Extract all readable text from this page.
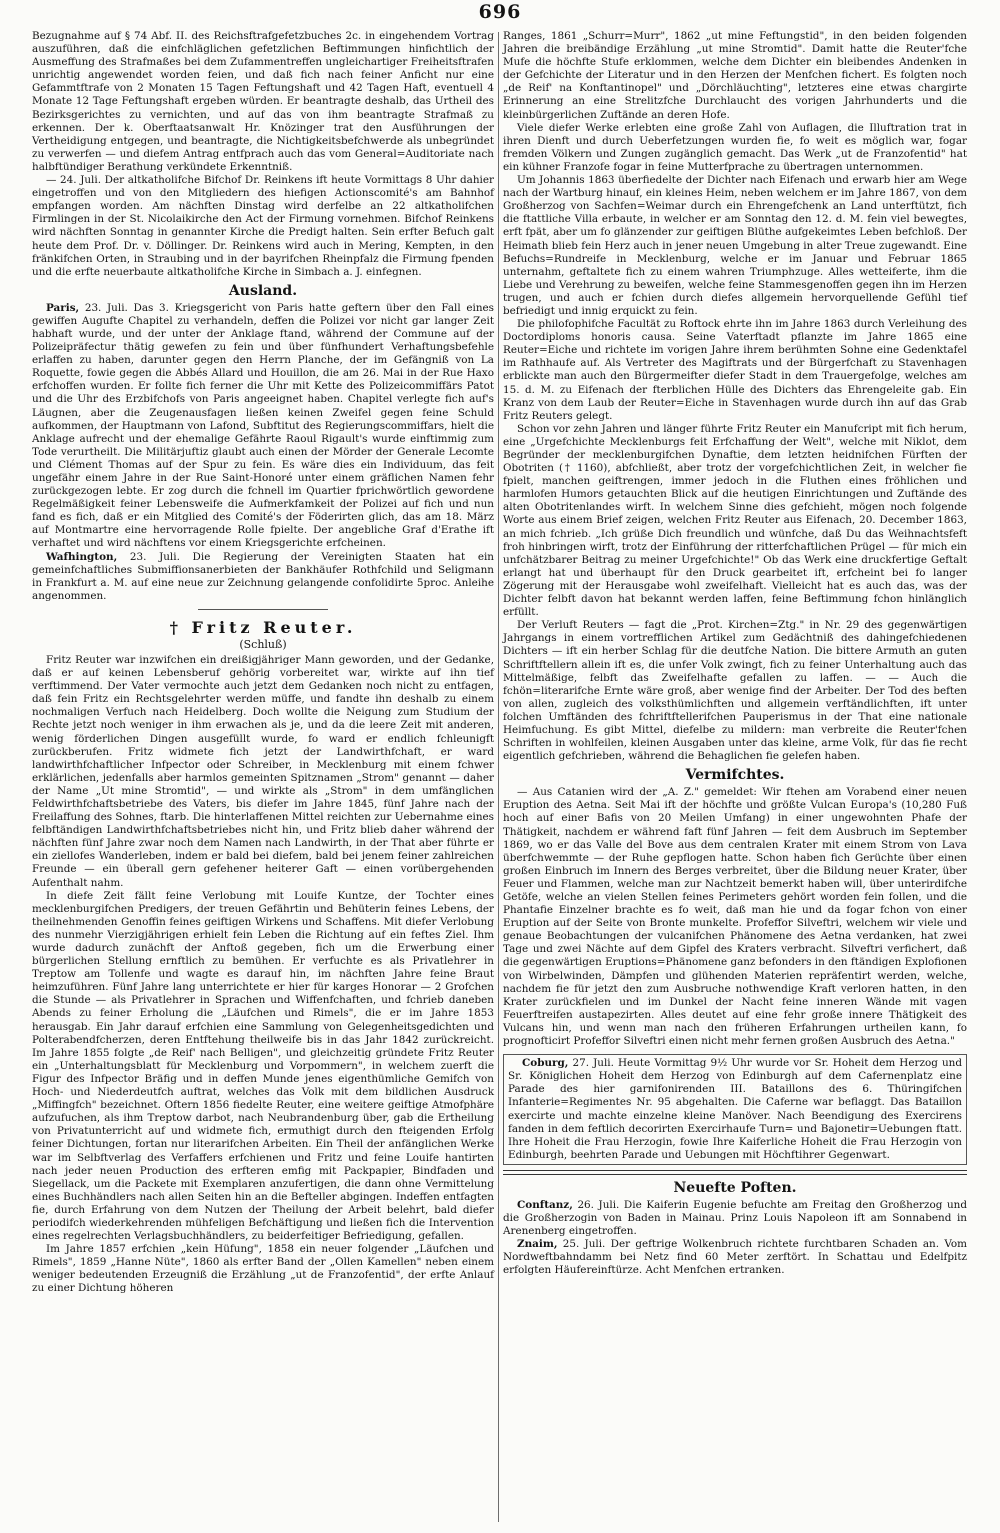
696

Bezugnahme auf § 74 Abf. II. des Reichsftrafgefetzbuches 2c. in eingehendem Vortrag auszuführen, daß die einfchläglichen gefetzlichen Beftimmungen hinfichtlich der Ausmeffung des Strafmaßes bei dem Zufammentreffen ungleichartiger Freiheitsftrafen unrichtig angewendet worden feien, und daß fich nach feiner Anficht nur eine Gefammtftrafe von 2 Monaten 15 Tagen Feftungshaft und 42 Tagen Haft, eventuell 4 Monate 12 Tage Feftungshaft ergeben würden. Er beantragte deshalb, das Urtheil des Bezirksgerichtes zu vernichten, und auf das von ihm beantragte Strafmaß zu erkennen. Der k. Oberftaatsanwalt Hr. Knözinger trat den Ausführungen der Vertheidigung entgegen, und beantragte, die Nichtigkeitsbefchwerde als unbegründet zu verwerfen — und diefem Antrag entfprach auch das vom General=Auditoriate nach halbftündiger Berathung verkündete Erkenntniß.

— 24. Juli. Der altkatholifche Bifchof Dr. Reinkens ift heute Vormittags 8 Uhr dahier eingetroffen und von den Mitgliedern des hiefigen Actionscomité's am Bahnhof empfangen worden. Am nächften Dinstag wird derfelbe an 22 altkatholifchen Firmlingen in der St. Nicolaikirche den Act der Firmung vornehmen. Bifchof Reinkens wird nächften Sonntag in genannter Kirche die Predigt halten. Sein erfter Befuch galt heute dem Prof. Dr. v. Döllinger. Dr. Reinkens wird auch in Mering, Kempten, in den fränkifchen Orten, in Straubing und in der bayrifchen Rheinpfalz die Firmung fpenden und die erfte neuerbaute altkatholifche Kirche in Simbach a. J. einfegnen.

Ausland.

Paris, 23. Juli. Das 3. Kriegsgericht von Paris hatte geftern über den Fall eines gewiffen Augufte Chapitel zu verhandeln, deffen die Polizei vor nicht gar langer Zeit habhaft wurde, und der unter der Anklage ftand, während der Commune auf der Polizeipräfectur thätig gewefen zu fein und über fünfhundert Verhaftungsbefehle erlaffen zu haben, darunter gegen den Herrn Planche, der im Gefängniß von La Roquette, fowie gegen die Abbés Allard und Houillon, die am 26. Mai in der Rue Haxo erfchoffen wurden. Er follte fich ferner die Uhr mit Kette des Polizeicommiffärs Patot und die Uhr des Erzbifchofs von Paris angeeignet haben. Chapitel verlegte fich auf's Läugnen, aber die Zeugenausfagen ließen keinen Zweifel gegen feine Schuld aufkommen, der Hauptmann von Lafond, Subftitut des Regierungscommiffars, hielt die Anklage aufrecht und der ehemalige Gefährte Raoul Rigault's wurde einftimmig zum Tode verurtheilt. Die Militärjuftiz glaubt auch einen der Mörder der Generale Lecomte und Clément Thomas auf der Spur zu fein. Es wäre dies ein Individuum, das feit ungefähr einem Jahre in der Rue Saint-Honoré unter einem gräflichen Namen fehr zurückgezogen lebte. Er zog durch die fchnell im Quartier fprichwörtlich gewordene Regelmäßigkeit feiner Lebensweife die Aufmerkfamkeit der Polizei auf fich und nun fand es fich, daß er ein Mitglied des Comité's der Föderirten glich, das am 18. März auf Montmartre eine hervorragende Rolle fpielte. Der angebliche Graf d'Erathe ift verhaftet und wird nächftens vor einem Kriegsgerichte erfcheinen.

Wafhington, 23. Juli. Die Regierung der Vereinigten Staaten hat ein gemeinfchaftliches Submiffionsanerbieten der Bankhäufer Rothfchild und Seligmann in Frankfurt a. M. auf eine neue zur Zeichnung gelangende confolidirte 5proc. Anleihe angenommen.

† Fritz Reuter.
(Schluß)

Fritz Reuter war inzwifchen ein dreißigjähriger Mann geworden, und der Gedanke, daß er auf keinen Lebensberuf gehörig vorbereitet war, wirkte auf ihn tief verftimmend. Der Vater vermochte auch jetzt dem Gedanken noch nicht zu entfagen, daß fein Fritz ein Rechtsgelehrter werden müffe, und fandte ihn deshalb zu einem nochmaligen Verfuch nach Heidelberg. Doch wollte die Neigung zum Studium der Rechte jetzt noch weniger in ihm erwachen als je, und da die leere Zeit mit anderen, wenig förderlichen Dingen ausgefüllt wurde, fo ward er endlich fchleunigft zurückberufen. Fritz widmete fich jetzt der Landwirthfchaft, er ward landwirthfchaftlicher Infpector oder Schreiber, in Mecklenburg mit einem fchwer erklärlichen, jedenfalls aber harmlos gemeinten Spitznamen „Strom" genannt — daher der Name „Ut mine Stromtid", — und wirkte als „Strom" in dem umfänglichen Feldwirthfchaftsbetriebe des Vaters, bis diefer im Jahre 1845, fünf Jahre nach der Freilaffung des Sohnes, ftarb. Die hinterlaffenen Mittel reichten zur Uebernahme eines felbftändigen Landwirthfchaftsbetriebes nicht hin, und Fritz blieb daher während der nächften fünf Jahre zwar noch dem Namen nach Landwirth, in der That aber führte er ein ziellofes Wanderleben, indem er bald bei diefem, bald bei jenem feiner zahlreichen Freunde — ein überall gern gefehener heiterer Gaft — einen vorübergehenden Aufenthalt nahm.

In diefe Zeit fällt feine Verlobung mit Louife Kuntze, der Tochter eines mecklenburgifchen Predigers, der treuen Gefährtin und Behüterin feines Lebens, der theilnehmenden Genoffin feines geiftigen Wirkens und Schaffens. Mit diefer Verlobung des nunmehr Vierzigjährigen erhielt fein Leben die Richtung auf ein feftes Ziel. Ihm wurde dadurch zunächft der Anftoß gegeben, fich um die Erwerbung einer bürgerlichen Stellung ernftlich zu bemühen. Er verfuchte es als Privatlehrer in Treptow am Tollenfe und wagte es darauf hin, im nächften Jahre feine Braut heimzuführen. Fünf Jahre lang unterrichtete er hier für karges Honorar — 2 Grofchen die Stunde — als Privatlehrer in Sprachen und Wiffenfchaften, und fchrieb daneben Abends zu feiner Erholung die „Läufchen und Rimels", die er im Jahre 1853 herausgab. Ein Jahr darauf erfchien eine Sammlung von Gelegenheitsgedichten und Polterabendfcherzen, deren Entftehung theilweife bis in das Jahr 1842 zurückreicht. Im Jahre 1855 folgte „de Reif' nach Belligen", und gleichzeitig gründete Fritz Reuter ein „Unterhaltungsblatt für Mecklenburg und Vorpommern", in welchem zuerft die Figur des Infpector Bräfig und in deffen Munde jenes eigenthümliche Gemifch von Hoch- und Niederdeutfch auftrat, welches das Volk mit dem bildlichen Ausdruck „Miffingfch" bezeichnet. Oftern 1856 fiedelte Reuter, eine weitere geiftige Atmofphäre aufzufuchen, als ihm Treptow darbot, nach Neubrandenburg über, gab die Ertheilung von Privatunterricht auf und widmete fich, ermuthigt durch den fteigenden Erfolg feiner Dichtungen, fortan nur literarifchen Arbeiten. Ein Theil der anfänglichen Werke war im Selbftverlag des Verfaffers erfchienen und Fritz und feine Louife hantirten nach jeder neuen Production des erfteren emfig mit Packpapier, Bindfaden und Siegellack, um die Packete mit Exemplaren anzufertigen, die dann ohne Vermittelung eines Buchhändlers nach allen Seiten hin an die Befteller abgingen. Indeffen entfagten fie, durch Erfahrung von dem Nutzen der Theilung der Arbeit belehrt, bald diefer periodifch wiederkehrenden mühfeligen Befchäftigung und ließen fich die Intervention eines regelrechten Verlagsbuchhändlers, zu beiderfeitiger Befriedigung, gefallen.

Im Jahre 1857 erfchien „kein Hüfung", 1858 ein neuer folgender „Läufchen und Rimels", 1859 „Hanne Nüte", 1860 als erfter Band der „Ollen Kamellen" neben einem weniger bedeutenden Erzeugniß die Erzählung „ut de Franzofentid", der erfte Anlauf zu einer Dichtung höheren

Ranges, 1861 „Schurr=Murr", 1862 „ut mine Feftungstid", in den beiden folgenden Jahren die breibändige Erzählung „ut mine Stromtid". Damit hatte die Reuter'fche Mufe die höchfte Stufe erklommen, welche dem Dichter ein bleibendes Andenken in der Gefchichte der Literatur und in den Herzen der Menfchen fichert. Es folgten noch „de Reif' na Konftantinopel" und „Dörchläuchting", letzteres eine etwas chargirte Erinnerung an eine Strelitzfche Durchlaucht des vorigen Jahrhunderts und die kleinbürgerlichen Zuftände an deren Hofe.

Viele diefer Werke erlebten eine große Zahl von Auflagen, die Illuftration trat in ihren Dienft und durch Ueberfetzungen wurden fie, fo weit es möglich war, fogar fremden Völkern und Zungen zugänglich gemacht. Das Werk „ut de Franzofentid" hat ein kühner Franzofe fogar in feine Mutterfprache zu übertragen unternommen.

Um Johannis 1863 überfiedelte der Dichter nach Eifenach und erwarb hier am Wege nach der Wartburg hinauf, ein kleines Heim, neben welchem er im Jahre 1867, von dem Großherzog von Sachfen=Weimar durch ein Ehrengefchenk an Land unterftützt, fich die ftattliche Villa erbaute, in welcher er am Sonntag den 12. d. M. fein viel bewegtes, erft fpät, aber um fo glänzender zur geiftigen Blüthe aufgekeimtes Leben befchloß. Der Heimath blieb fein Herz auch in jener neuen Umgebung in alter Treue zugewandt. Eine Befuchs=Rundreife in Mecklenburg, welche er im Januar und Februar 1865 unternahm, geftaltete fich zu einem wahren Triumphzuge. Alles wetteiferte, ihm die Liebe und Verehrung zu beweifen, welche feine Stammesgenoffen gegen ihn im Herzen trugen, und auch er fchien durch diefes allgemein hervorquellende Gefühl tief befriedigt und innig erquickt zu fein.

Die philofophifche Facultät zu Roftock ehrte ihn im Jahre 1863 durch Verleihung des Doctordiploms honoris causa. Seine Vaterftadt pflanzte im Jahre 1865 eine Reuter=Eiche und richtete im vorigen Jahre ihrem berühmten Sohne eine Gedenktafel im Rathhaufe auf. Als Vertreter des Magiftrats und der Bürgerfchaft zu Stavenhagen erblickte man auch den Bürgermeifter diefer Stadt in dem Trauergefolge, welches am 15. d. M. zu Eifenach der fterblichen Hülle des Dichters das Ehrengeleite gab. Ein Kranz von dem Laub der Reuter=Eiche in Stavenhagen wurde durch ihn auf das Grab Fritz Reuters gelegt.

Schon vor zehn Jahren und länger führte Fritz Reuter ein Manufcript mit fich herum, eine „Urgefchichte Mecklenburgs feit Erfchaffung der Welt", welche mit Niklot, dem Begründer der mecklenburgifchen Dynaftie, dem letzten heidnifchen Fürften der Obotriten († 1160), abfchließt, aber trotz der vorgefchichtlichen Zeit, in welcher fie fpielt, manchen geiftrengen, immer jedoch in die Fluthen eines fröhlichen und harmlofen Humors getauchten Blick auf die heutigen Einrichtungen und Zuftände des alten Obotritenlandes wirft. In welchem Sinne dies gefchieht, mögen noch folgende Worte aus einem Brief zeigen, welchen Fritz Reuter aus Eifenach, 20. December 1863, an mich fchrieb. „Ich grüße Dich freundlich und wünfche, daß Du das Weihnachtsfeft froh hinbringen wirft, trotz der Einführung der ritterfchaftlichen Prügel — für mich ein unfchätzbarer Beitrag zu meiner Urgefchichte!" Ob das Werk eine druckfertige Geftalt erlangt hat und überhaupt für den Druck gearbeitet ift, erfcheint bei fo langer Zögerung mit der Herausgabe wohl zweifelhaft. Vielleicht hat es auch das, was der Dichter felbft davon hat bekannt werden laffen, feine Beftimmung fchon hinlänglich erfüllt.

Der Verluft Reuters — fagt die „Prot. Kirchen=Ztg." in Nr. 29 des gegenwärtigen Jahrgangs in einem vortrefflichen Artikel zum Gedächtniß des dahingefchiedenen Dichters — ift ein herber Schlag für die deutfche Nation. Die bittere Armuth an guten Schriftftellern allein ift es, die unfer Volk zwingt, fich zu feiner Unterhaltung auch das Mittelmäßige, felbft das Zweifelhafte gefallen zu laffen. — — Auch die fchön=literarifche Ernte wäre groß, aber wenige find der Arbeiter. Der Tod des beften von allen, zugleich des volksthümlichften und allgemein verftändlichften, ift unter folchen Umftänden des fchriftftellerifchen Pauperismus in der That eine nationale Heimfuchung. Es gibt Mittel, diefelbe zu mildern: man verbreite die Reuter'fchen Schriften in wohlfeilen, kleinen Ausgaben unter das kleine, arme Volk, für das fie recht eigentlich gefchrieben, während die Behaglichen fie gelefen haben.

Vermifchtes.

— Aus Catanien wird der „A. Z." gemeldet: Wir ftehen am Vorabend einer neuen Eruption des Aetna. Seit Mai ift der höchfte und größte Vulcan Europa's (10,280 Fuß hoch auf einer Bafis von 20 Meilen Umfang) in einer ungewohnten Phafe der Thätigkeit, nachdem er während faft fünf Jahren — feit dem Ausbruch im September 1869, wo er das Valle del Bove aus dem centralen Krater mit einem Strom von Lava überfchwemmte — der Ruhe gepflogen hatte. Schon haben fich Gerüchte über einen großen Einbruch im Innern des Berges verbreitet, über die Bildung neuer Krater, über Feuer und Flammen, welche man zur Nachtzeit bemerkt haben will, über unterirdifche Getöfe, welche an vielen Stellen feines Perimeters gehört worden fein follen, und die Phantafie Einzelner brachte es fo weit, daß man hie und da fogar fchon von einer Eruption auf der Seite von Bronte munkelte. Profeffor Silveftri, welchem wir viele und genaue Beobachtungen der vulcanifchen Phänomene des Aetna verdanken, hat zwei Tage und zwei Nächte auf dem Gipfel des Kraters verbracht. Silveftri verfichert, daß die gegenwärtigen Eruptions=Phänomene ganz befonders in den ftändigen Explofionen von Wirbelwinden, Dämpfen und glühenden Materien repräfentirt werden, welche, nachdem fie für jetzt den zum Ausbruche nothwendige Kraft verloren hatten, in den Krater zurückfielen und im Dunkel der Nacht feine inneren Wände mit vagen Feuerftreifen austapezirten. Alles deutet auf eine fehr große innere Thätigkeit des Vulcans hin, und wenn man nach den früheren Erfahrungen urtheilen kann, fo prognofticirt Profeffor Silveftri einen nicht mehr fernen großen Ausbruch des Aetna."

Coburg, 27. Juli. Heute Vormittag 9½ Uhr wurde vor Sr. Hoheit dem Herzog und Sr. Königlichen Hoheit dem Herzog von Edinburgh auf dem Cafernenplatz eine Parade des hier garnifonirenden III. Bataillons des 6. Thüringifchen Infanterie=Regimentes Nr. 95 abgehalten. Die Caferne war beflaggt. Das Bataillon exercirte und machte einzelne kleine Manöver. Nach Beendigung des Exercirens fanden in dem feftlich decorirten Exercirhaufe Turn= und Bajonetir=Uebungen ftatt. Ihre Hoheit die Frau Herzogin, fowie Ihre Kaiferliche Hoheit die Frau Herzogin von Edinburgh, beehrten Parade und Uebungen mit Höchftihrer Gegenwart.

Neuefte Poften.

Conftanz, 26. Juli. Die Kaiferin Eugenie befuchte am Freitag den Großherzog und die Großherzogin von Baden in Mainau. Prinz Louis Napoleon ift am Sonnabend in Arenenberg eingetroffen.

Znaim, 25. Juli. Der geftrige Wolkenbruch richtete furchtbaren Schaden an. Vom Nordweftbahndamm bei Netz find 60 Meter zerftört. In Schattau und Edelfpitz erfolgten Häufereinftürze. Acht Menfchen ertranken.
